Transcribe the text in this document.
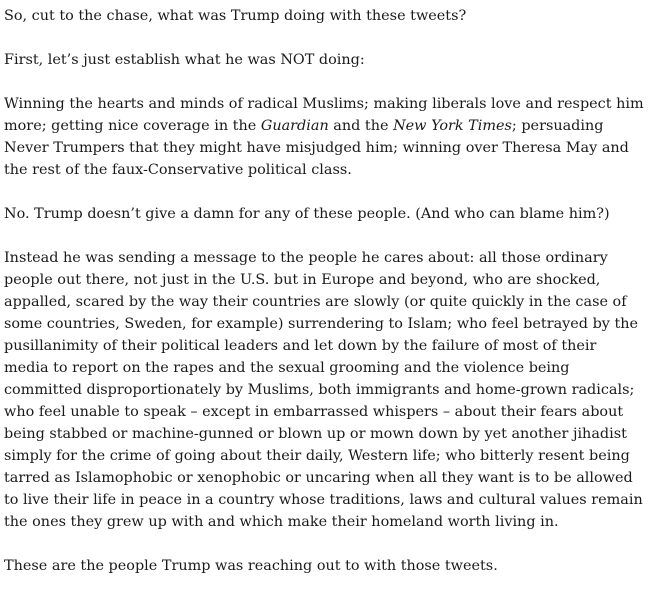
So, cut to the chase, what was Trump doing with these tweets?

First, let’s just establish what he was NOT doing:

Winning the hearts and minds of radical Muslims; making liberals love and respect him more; getting nice coverage in the Guardian and the New York Times; persuading Never Trumpers that they might have misjudged him; winning over Theresa May and the rest of the faux-Conservative political class.

No. Trump doesn’t give a damn for any of these people. (And who can blame him?)

Instead he was sending a message to the people he cares about: all those ordinary people out there, not just in the U.S. but in Europe and beyond, who are shocked, appalled, scared by the way their countries are slowly (or quite quickly in the case of some countries, Sweden, for example) surrendering to Islam; who feel betrayed by the pusillanimity of their political leaders and let down by the failure of most of their media to report on the rapes and the sexual grooming and the violence being committed disproportionately by Muslims, both immigrants and home-grown radicals; who feel unable to speak – except in embarrassed whispers – about their fears about being stabbed or machine-gunned or blown up or mown down by yet another jihadist simply for the crime of going about their daily, Western life; who bitterly resent being tarred as Islamophobic or xenophobic or uncaring when all they want is to be allowed to live their life in peace in a country whose traditions, laws and cultural values remain the ones they grew up with and which make their homeland worth living in.

These are the people Trump was reaching out to with those tweets.
